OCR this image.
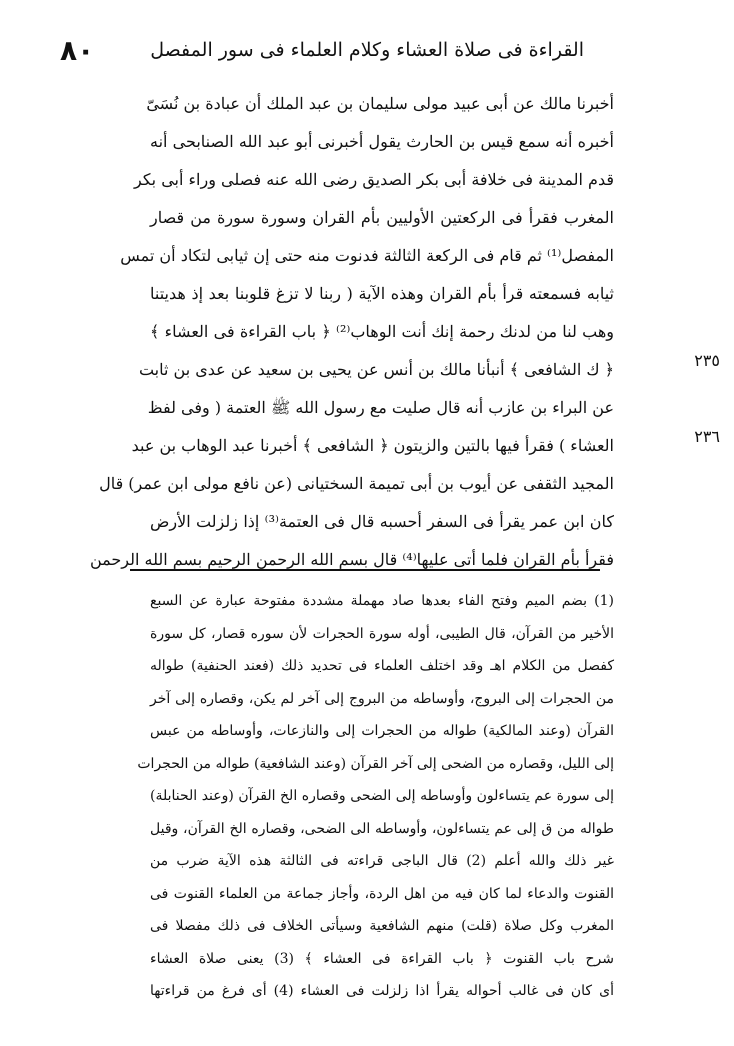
٨٠	القراءة فى صلاة العشاء وكلام العلماء فى سور المفصل
أخبرنا مالك عن أبى عبيد مولى سليمان بن عبد الملك أن عبادة بن نُسَىّ
أخبره أنه سمع قيس بن الحارث يقول أخبرنى أبو عبد الله الصنابحى أنه
قدم المدينة فى خلافة أبى بكر الصديق رضى الله عنه فصلى وراء أبى بكر
المغرب فقرأ فى الركعتين الأوليين بأم القران وسورة سورة من قصار
المفصل⁽¹⁾ ثم قام فى الركعة الثالثة فدنوت منه حتى إن ثيابى لتكاد أن تمس
ثيابه فسمعته قرأ بأم القران وهذه الآية ( ربنا لا تزغ قلوبنا بعد إذ هديتنا
وهب لنا من لدنك رحمة إنك أنت الوهاب⁽²⁾ ﴿ باب القراءة فى العشاء ﴾
﴿ ك الشافعى ﴾ أنبأنا مالك بن أنس عن يحيى بن سعيد عن عدى بن ثابت
عن البراء بن عازب أنه قال صليت مع رسول الله ﷺ العتمة ( وفى لفظ
العشاء ) فقرأ فيها بالتين والزيتون ﴿ الشافعى ﴾ أخبرنا عبد الوهاب بن عبد
المجيد الثقفى عن أيوب بن أبى تميمة السختيانى (عن نافع مولى ابن عمر) قال
كان ابن عمر يقرأ فى السفر أحسبه قال فى العتمة⁽³⁾ إذا زلزلت الأرض
فقرأ بأم القران فلما أتى عليها⁽⁴⁾ قال بسم الله الرحمن الرحيم بسم الله الرحمن
٢٣٥
٢٣٦
(1) بضم الميم وفتح الفاء بعدها صاد مهملة مشددة مفتوحة عبارة عن السبع
الأخير من القرآن، قال الطيبى، أوله سورة الحجرات لأن سوره قصار، كل سورة
كفصل من الكلام اهـ وقد اختلف العلماء فى تحديد ذلك (فعند الحنفية) طواله
من الحجرات إلى البروج، وأوساطه من البروج إلى آخر لم يكن، وقصاره إلى آخر
القرآن (وعند المالكية) طواله من الحجرات إلى والنازعات، وأوساطه من عبس
إلى الليل، وقصاره من الضحى إلى آخر القرآن (وعند الشافعية) طواله من الحجرات
إلى سورة عم يتساءلون وأوساطه إلى الضحى وقصاره الخ القرآن (وعند الحنابلة)
طواله من ق إلى عم يتساءلون، وأوساطه الى الضحى، وقصاره الخ القرآن، وقيل
غير ذلك والله أعلم (2) قال الباجى قراءته فى الثالثة هذه الآية ضرب من
القنوت والدعاء لما كان فيه من اهل الردة، وأجاز جماعة من العلماء القنوت فى
المغرب وكل صلاة (قلت) منهم الشافعية وسيأتى الخلاف فى ذلك مفصلا فى
شرح باب القنوت ﴿ باب القراءة فى العشاء ﴾ (3) يعنى صلاة العشاء
أى كان فى غالب أحواله يقرأ اذا زلزلت فى العشاء (4) أى فرغ من قراءتها
